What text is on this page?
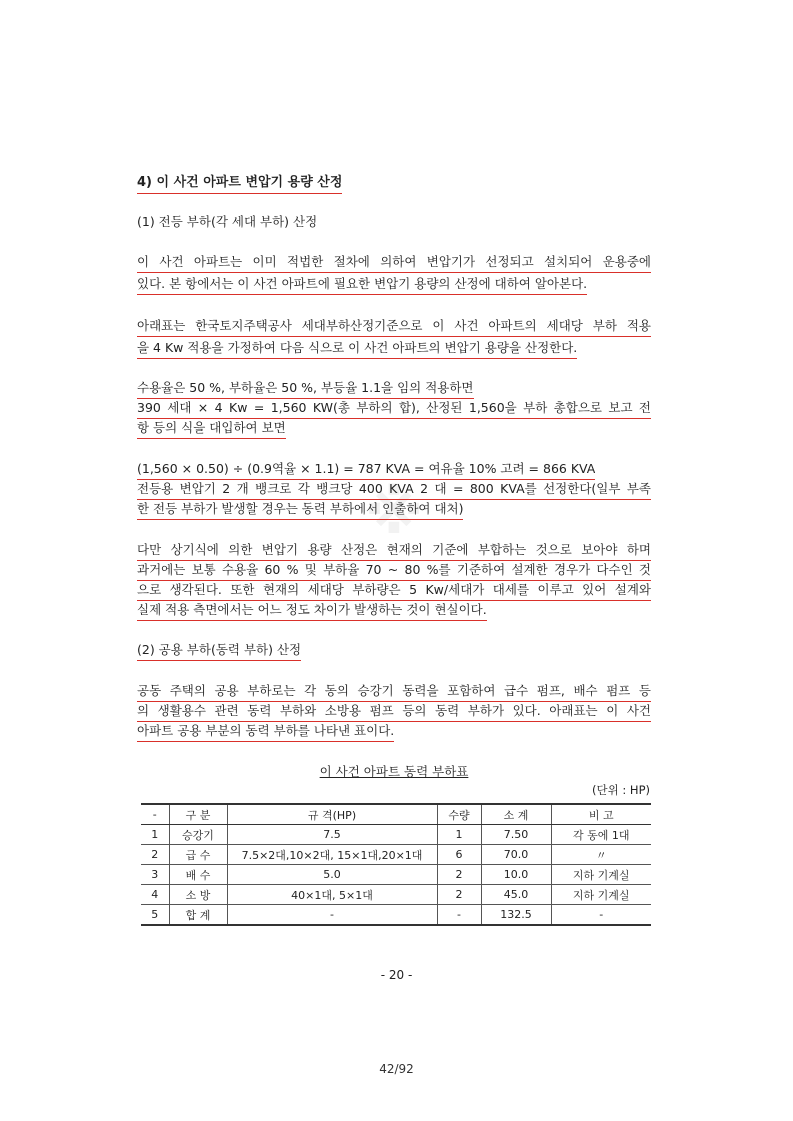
4) 이 사건 아파트 변압기 용량 산정
(1) 전등 부하(각 세대 부하) 산정
이 사건 아파트는 이미 적법한 절차에 의하여 변압기가 선정되고 설치되어 운용중에
있다. 본 항에서는 이 사건 아파트에 필요한 변압기 용량의 산정에 대하여 알아본다.
아래표는 한국토지주택공사 세대부하산정기준으로 이 사건 아파트의 세대당 부하 적용
을 4 Kw 적용을 가정하여 다음 식으로 이 사건 아파트의 변압기 용량을 산정한다.
수용율은 50 %, 부하율은 50 %, 부등율 1.1을 임의 적용하면
390 세대 × 4 Kw = 1,560 KW(총 부하의 합), 산정된 1,560을 부하 총합으로 보고 전
항 등의 식을 대입하여 보면
※
(1,560 × 0.50) ÷ (0.9역율 × 1.1) = 787 KVA = 여유율 10% 고려 = 866 KVA
전등용 변압기 2 개 뱅크로 각 뱅크당 400 KVA 2 대 = 800 KVA를 선정한다(일부 부족
한 전등 부하가 발생할 경우는 동력 부하에서 인출하여 대처)
다만 상기식에 의한 변압기 용량 산정은 현재의 기준에 부합하는 것으로 보아야 하며
과거에는 보통 수용율 60 % 및 부하율 70 ~ 80 %를 기준하여 설계한 경우가 다수인 것
으로 생각된다. 또한 현재의 세대당 부하량은 5 Kw/세대가 대세를 이루고 있어 설계와
실제 적용 측면에서는 어느 정도 차이가 발생하는 것이 현실이다.
(2) 공용 부하(동력 부하) 산정
공동 주택의 공용 부하로는 각 동의 승강기 동력을 포함하여 급수 펌프, 배수 펌프 등
의 생활용수 관련 동력 부하와 소방용 펌프 등의 동력 부하가 있다. 아래표는 이 사건
아파트 공용 부분의 동력 부하를 나타낸 표이다.
이 사건 아파트 동력 부하표
(단위 : HP)
-	구 분	규 격(HP)	수량	소 계	비 고
1	승강기	7.5	1	7.50	각 동에 1대
2	급 수	7.5×2대,10×2대, 15×1대,20×1대	6	70.0	〃
3	배 수	5.0	2	10.0	지하 기계실
4	소 방	40×1대, 5×1대	2	45.0	지하 기계실
5	합 계	-	-	132.5	-
- 20 -
42/92
